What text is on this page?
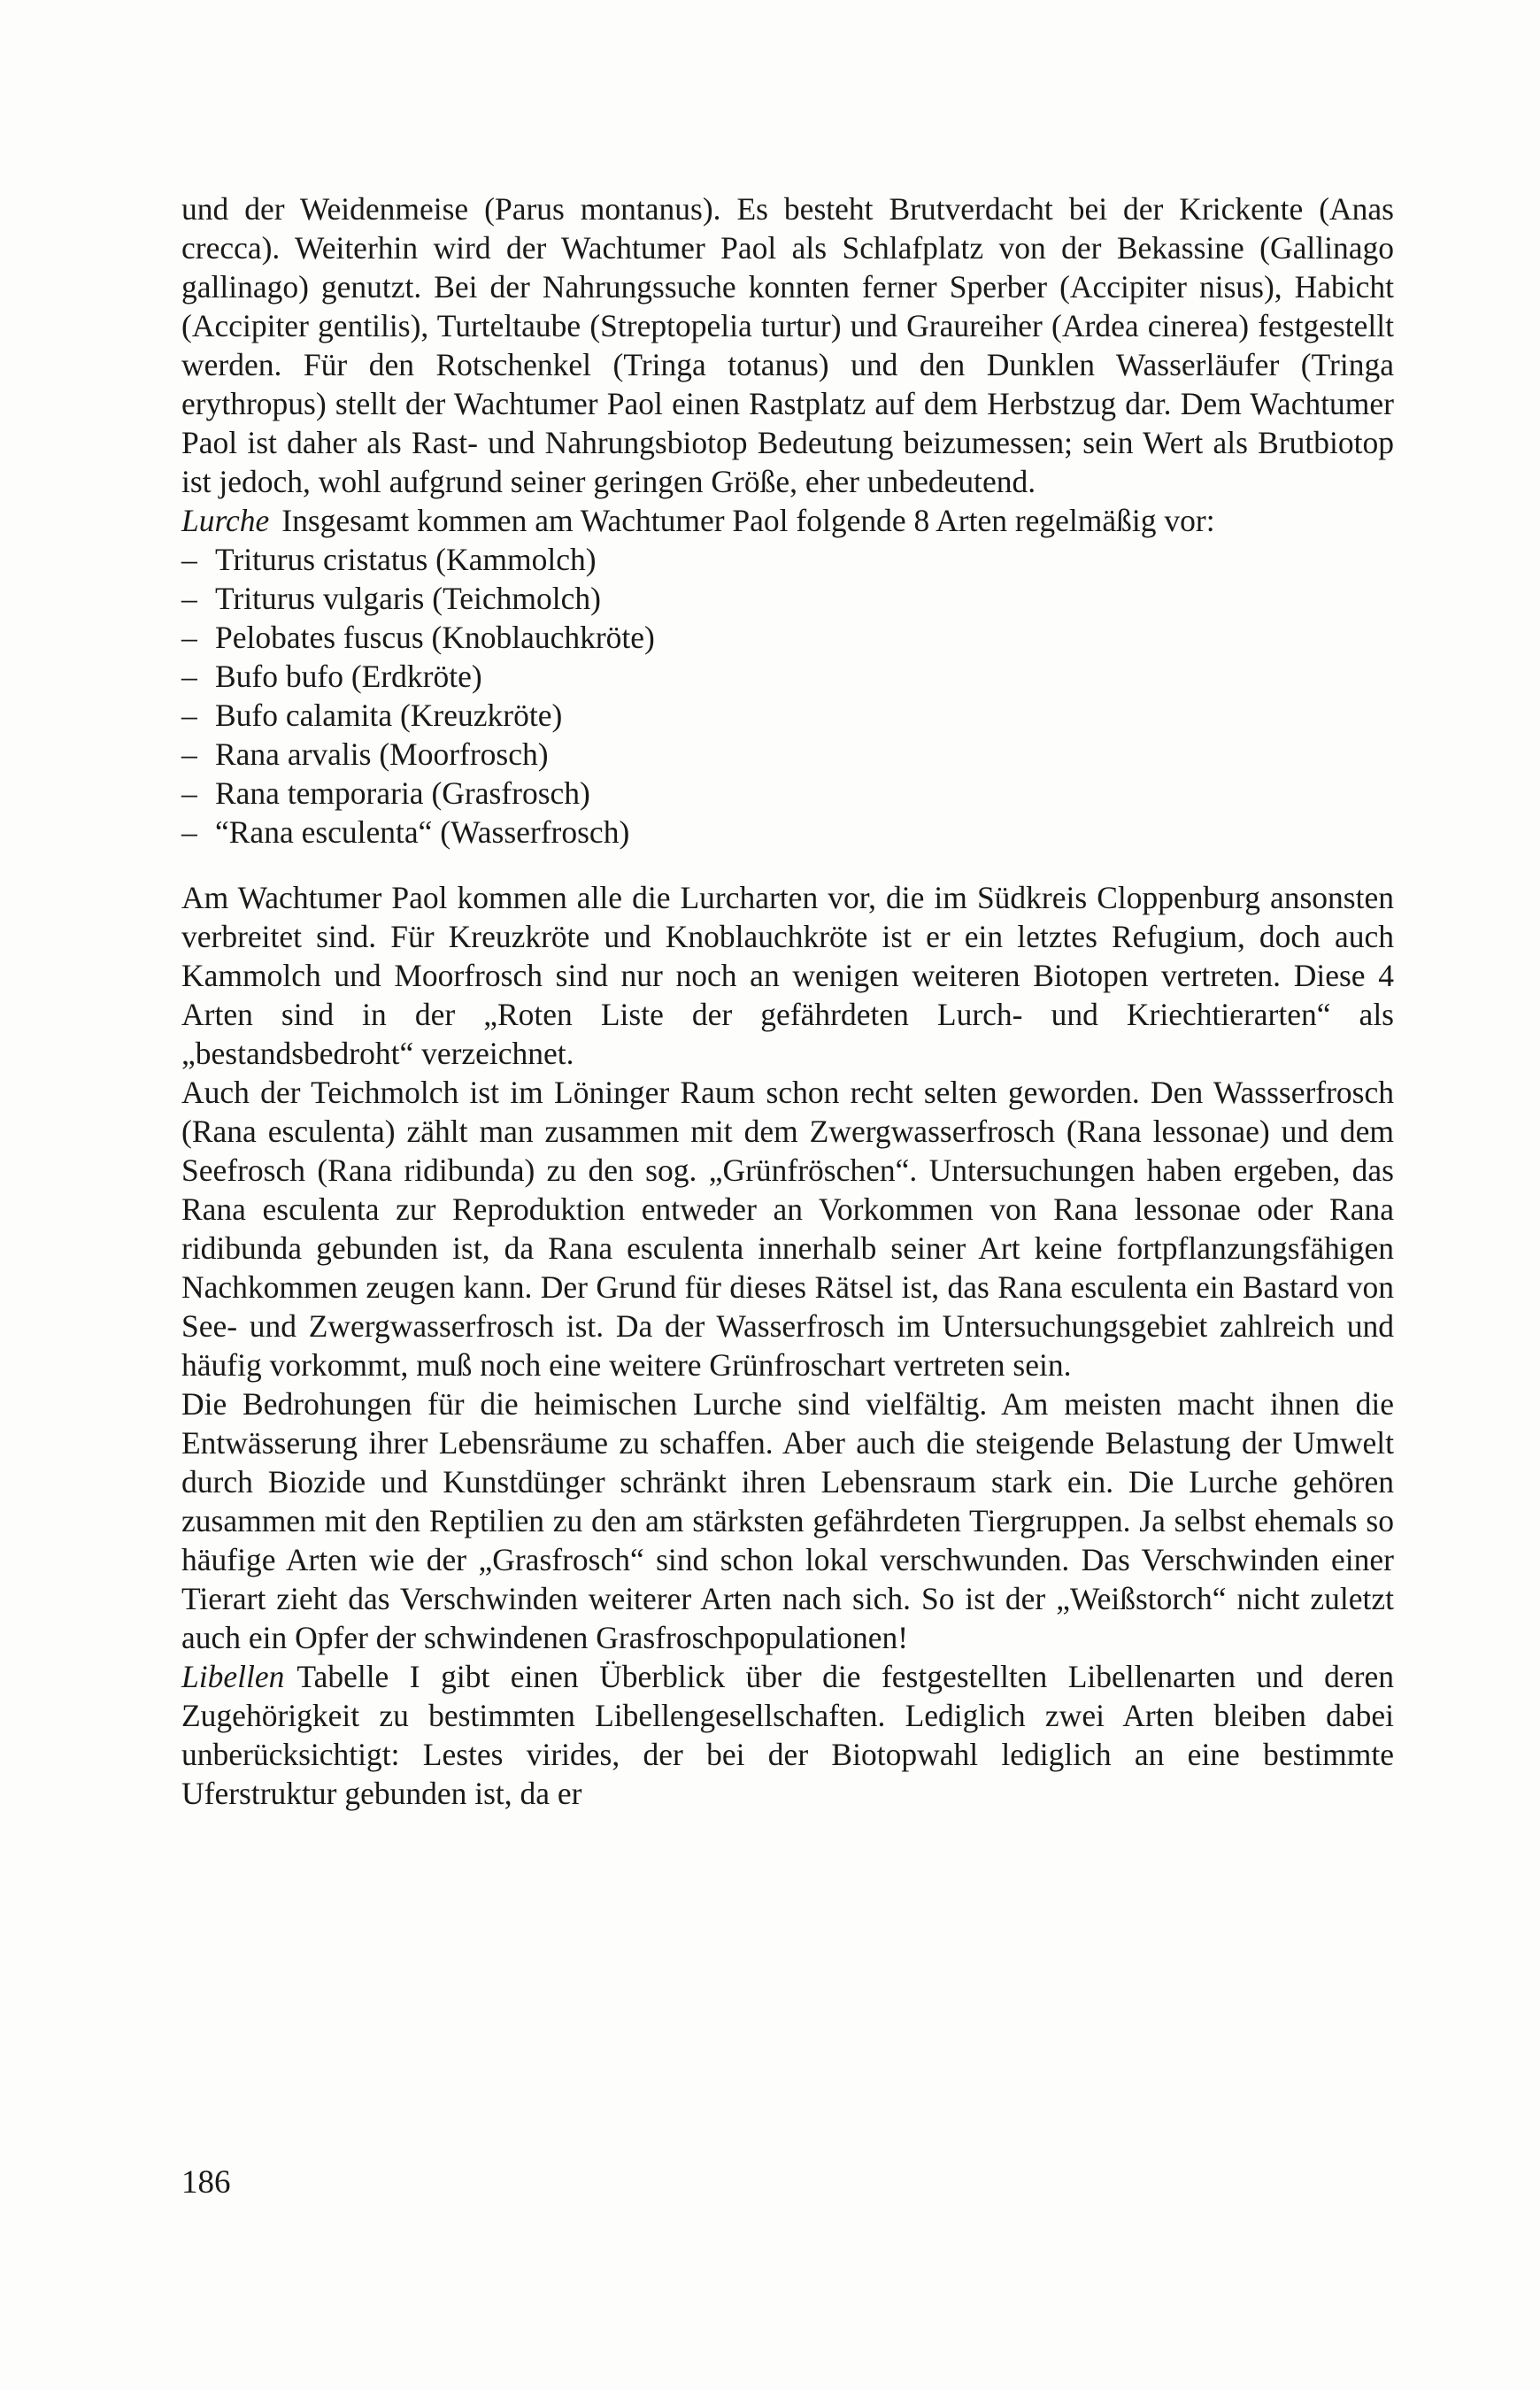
und der Weidenmeise (Parus montanus). Es besteht Brutverdacht bei der Krickente (Anas crecca). Weiterhin wird der Wachtumer Paol als Schlafplatz von der Bekassine (Gallinago gallinago) genutzt. Bei der Nahrungssuche konnten ferner Sperber (Accipiter nisus), Habicht (Accipiter gentilis), Turteltaube (Streptopelia turtur) und Graureiher (Ardea cinerea) festgestellt werden. Für den Rotschenkel (Tringa totanus) und den Dunklen Wasserläufer (Tringa erythropus) stellt der Wachtumer Paol einen Rastplatz auf dem Herbstzug dar. Dem Wachtumer Paol ist daher als Rast- und Nahrungsbiotop Bedeutung beizumessen; sein Wert als Brutbiotop ist jedoch, wohl aufgrund seiner geringen Größe, eher unbedeutend.

Lurche Insgesamt kommen am Wachtumer Paol folgende 8 Arten regelmäßig vor:

– Triturus cristatus (Kammolch)
– Triturus vulgaris (Teichmolch)
– Pelobates fuscus (Knoblauchkröte)
– Bufo bufo (Erdkröte)
– Bufo calamita (Kreuzkröte)
– Rana arvalis (Moorfrosch)
– Rana temporaria (Grasfrosch)
– “Rana esculenta“ (Wasserfrosch)

Am Wachtumer Paol kommen alle die Lurcharten vor, die im Südkreis Cloppenburg ansonsten verbreitet sind. Für Kreuzkröte und Knoblauchkröte ist er ein letztes Refugium, doch auch Kammolch und Moorfrosch sind nur noch an wenigen weiteren Biotopen vertreten. Diese 4 Arten sind in der „Roten Liste der gefährdeten Lurch- und Kriechtierarten“ als „bestandsbedroht“ verzeichnet.

Auch der Teichmolch ist im Löninger Raum schon recht selten geworden. Den Wassserfrosch (Rana esculenta) zählt man zusammen mit dem Zwergwasserfrosch (Rana lessonae) und dem Seefrosch (Rana ridibunda) zu den sog. „Grünfröschen“. Untersuchungen haben ergeben, das Rana esculenta zur Reproduktion entweder an Vorkommen von Rana lessonae oder Rana ridibunda gebunden ist, da Rana esculenta innerhalb seiner Art keine fortpflanzungsfähigen Nachkommen zeugen kann. Der Grund für dieses Rätsel ist, das Rana esculenta ein Bastard von See- und Zwergwasserfrosch ist. Da der Wasserfrosch im Untersuchungsgebiet zahlreich und häufig vorkommt, muß noch eine weitere Grünfroschart vertreten sein.

Die Bedrohungen für die heimischen Lurche sind vielfältig. Am meisten macht ihnen die Entwässerung ihrer Lebensräume zu schaffen. Aber auch die steigende Belastung der Umwelt durch Biozide und Kunstdünger schränkt ihren Lebensraum stark ein. Die Lurche gehören zusammen mit den Reptilien zu den am stärksten gefährdeten Tiergruppen. Ja selbst ehemals so häufige Arten wie der „Grasfrosch“ sind schon lokal verschwunden. Das Verschwinden einer Tierart zieht das Verschwinden weiterer Arten nach sich. So ist der „Weißstorch“ nicht zuletzt auch ein Opfer der schwindenen Grasfroschpopulationen!

Libellen Tabelle I gibt einen Überblick über die festgestellten Libellenarten und deren Zugehörigkeit zu bestimmten Libellengesellschaften. Lediglich zwei Arten bleiben dabei unberücksichtigt: Lestes virides, der bei der Biotopwahl lediglich an eine bestimmte Uferstruktur gebunden ist, da er

186
